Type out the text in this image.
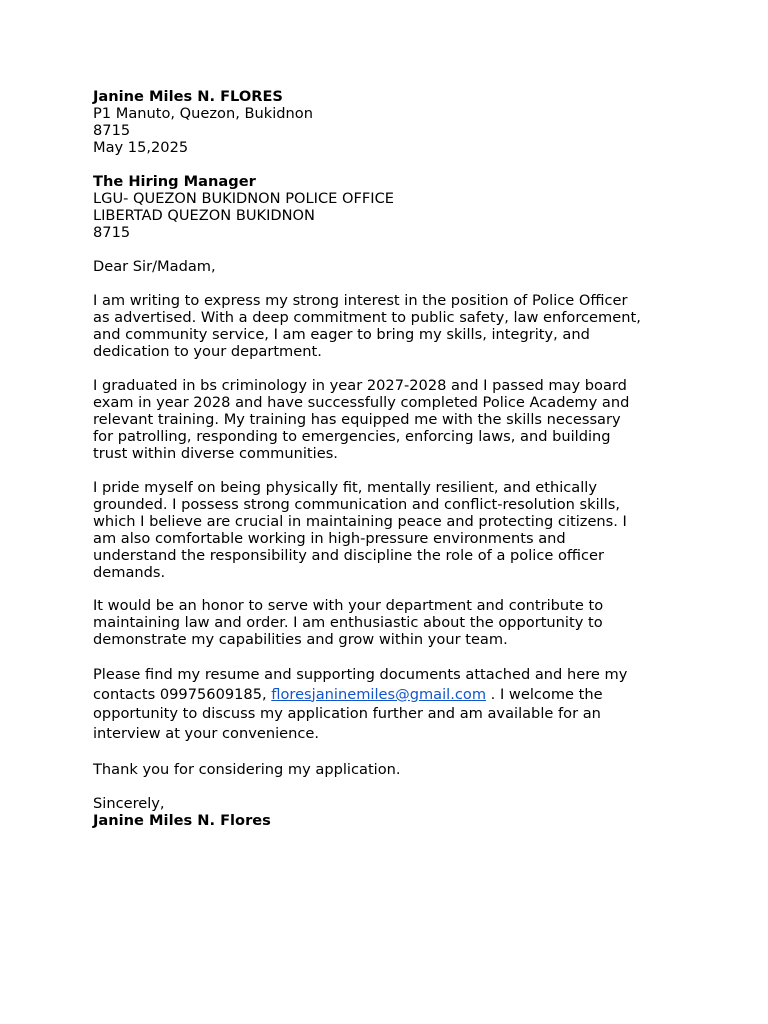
Janine Miles N. FLORES
P1 Manuto, Quezon, Bukidnon
8715
May 15,2025
The Hiring Manager
LGU- QUEZON BUKIDNON POLICE OFFICE
LIBERTAD QUEZON BUKIDNON
8715
Dear Sir/Madam,
I am writing to express my strong interest in the position of Police Officer
as advertised. With a deep commitment to public safety, law enforcement,
and community service, I am eager to bring my skills, integrity, and
dedication to your department.
I graduated in bs criminology in year 2027-2028 and I passed may board
exam in year 2028 and have successfully completed Police Academy and
relevant training. My training has equipped me with the skills necessary
for patrolling, responding to emergencies, enforcing laws, and building
trust within diverse communities.
I pride myself on being physically fit, mentally resilient, and ethically
grounded. I possess strong communication and conflict-resolution skills,
which I believe are crucial in maintaining peace and protecting citizens. I
am also comfortable working in high-pressure environments and
understand the responsibility and discipline the role of a police officer
demands.
It would be an honor to serve with your department and contribute to
maintaining law and order. I am enthusiastic about the opportunity to
demonstrate my capabilities and grow within your team.
Please find my resume and supporting documents attached and here my
contacts 09975609185, floresjaninemiles@gmail.com . I welcome the
opportunity to discuss my application further and am available for an
interview at your convenience.
Thank you for considering my application.
Sincerely,
Janine Miles N. Flores
